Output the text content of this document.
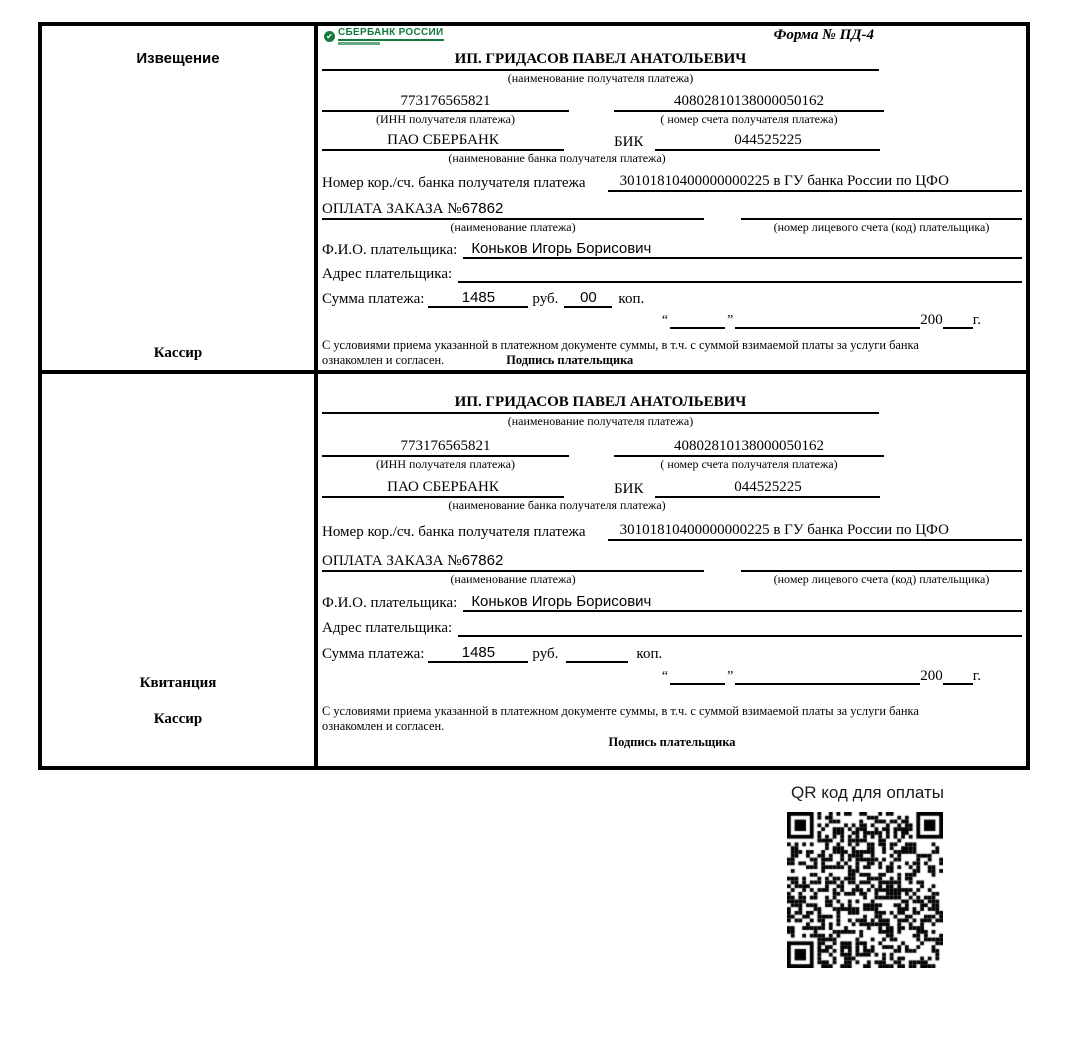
Извещение
Кассир
Квитанция
Кассир
✔ СБЕРБАНК РОССИИ	Форма № ПД-4
ИП. ГРИДАСОВ ПАВЕЛ АНАТОЛЬЕВИЧ
(наименование получателя платежа)
773176565821	40802810138000050162
(ИНН получателя платежа)	( номер счета получателя платежа)
ПАО СБЕРБАНК	БИК	044525225
(наименование банка получателя платежа)
Номер кор./сч. банка получателя платежа	30101810400000000225 в ГУ банка России по ЦФО
ОПЛАТА ЗАКАЗА №67862
(наименование платежа)	(номер лицевого счета (код) плательщика)
Ф.И.О. плательщика: Коньков Игорь Борисович
Адрес плательщика:
Сумма платежа:	1485	руб.	00	коп.
“	”	200 г.
С условиями приема указанной в платежном документе суммы, в т.ч. с суммой взимаемой платы за услуги банка
ознакомлен и согласен.	Подпись плательщика
ИП. ГРИДАСОВ ПАВЕЛ АНАТОЛЬЕВИЧ
(наименование получателя платежа)
773176565821	40802810138000050162
(ИНН получателя платежа)	( номер счета получателя платежа)
ПАО СБЕРБАНК	БИК	044525225
(наименование банка получателя платежа)
Номер кор./сч. банка получателя платежа	30101810400000000225 в ГУ банка России по ЦФО
ОПЛАТА ЗАКАЗА №67862
(наименование платежа)	(номер лицевого счета (код) плательщика)
Ф.И.О. плательщика: Коньков Игорь Борисович
Адрес плательщика:
Сумма платежа:	1485	руб.	коп.
“	”	200 г.
С условиями приема указанной в платежном документе суммы, в т.ч. с суммой взимаемой платы за услуги банка
ознакомлен и согласен.
Подпись плательщика
QR код для оплаты
